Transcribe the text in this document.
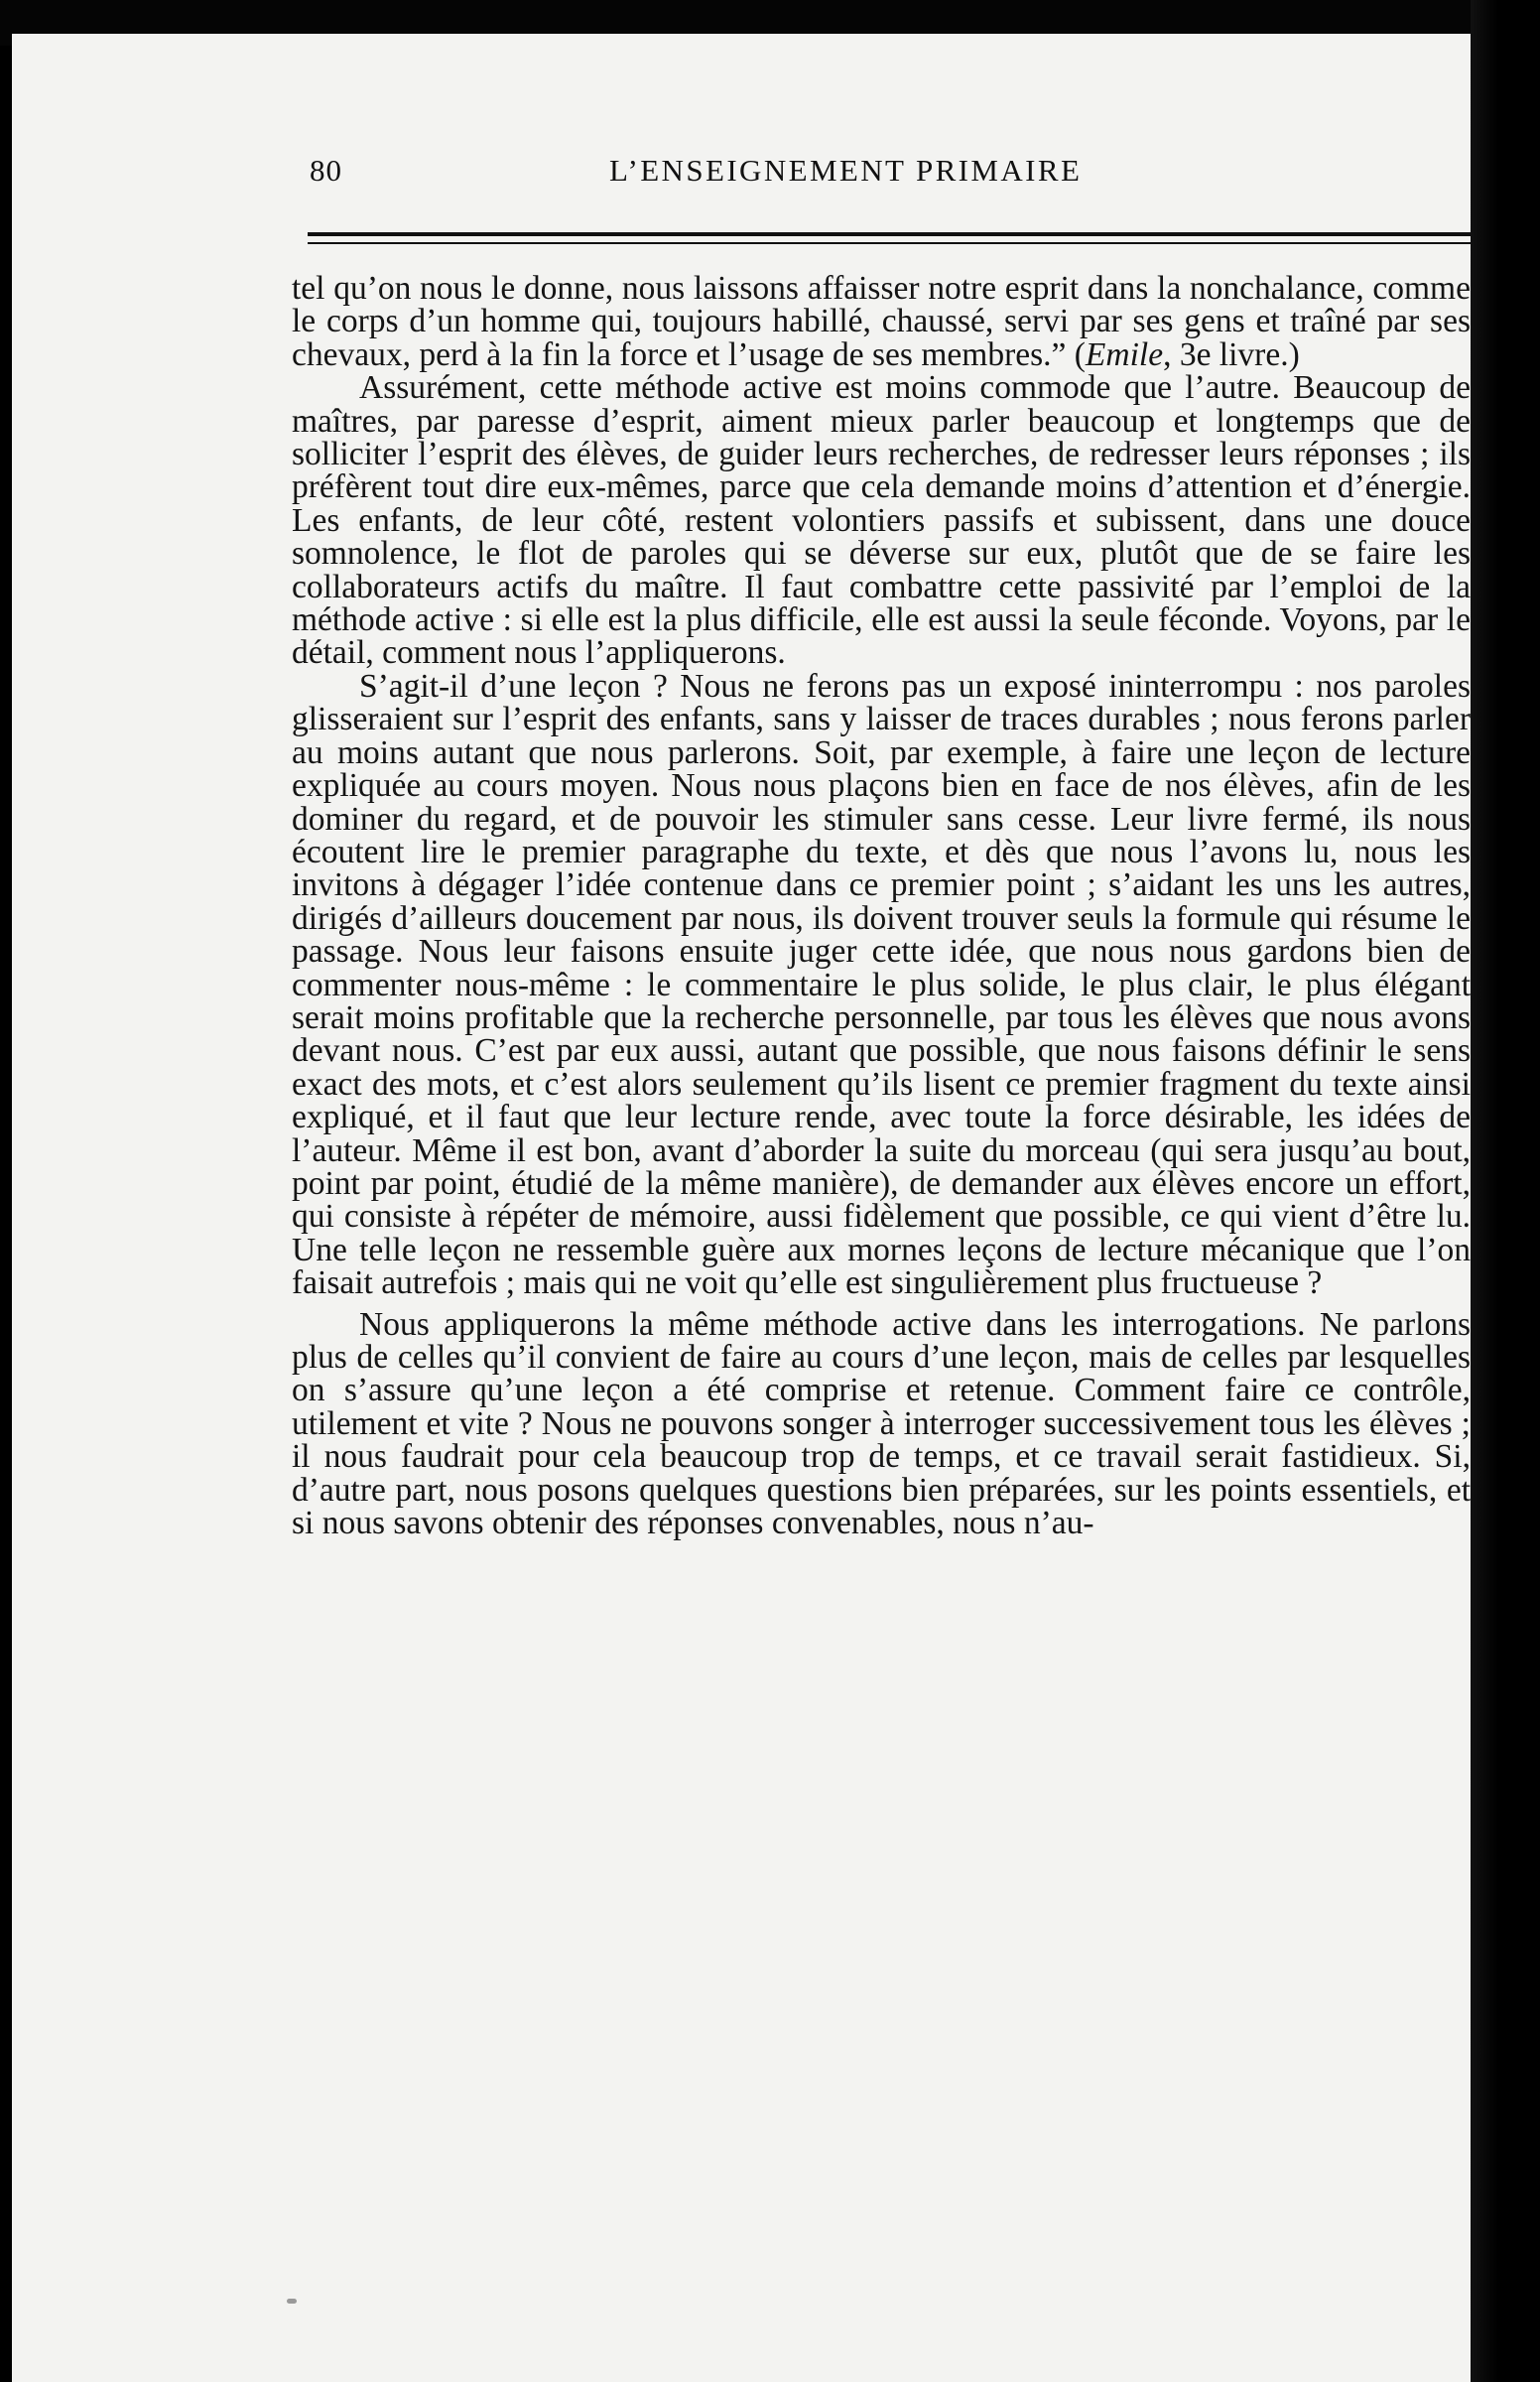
80	L’ENSEIGNEMENT PRIMAIRE

tel qu’on nous le donne, nous laissons affaisser notre esprit dans la nonchalance, comme le corps d’un homme qui, toujours habillé, chaussé, servi par ses gens et traîné par ses chevaux, perd à la fin la force et l’usage de ses membres.” (Emile, 3e livre.)

Assurément, cette méthode active est moins commode que l’autre. Beaucoup de maîtres, par paresse d’esprit, aiment mieux parler beaucoup et longtemps que de solliciter l’esprit des élèves, de guider leurs recherches, de redresser leurs réponses ; ils préfèrent tout dire eux-mêmes, parce que cela demande moins d’attention et d’énergie. Les enfants, de leur côté, restent volontiers passifs et subissent, dans une douce somnolence, le flot de paroles qui se déverse sur eux, plutôt que de se faire les collaborateurs actifs du maître. Il faut combattre cette passivité par l’emploi de la méthode active : si elle est la plus difficile, elle est aussi la seule féconde. Voyons, par le détail, comment nous l’appliquerons.

S’agit-il d’une leçon ? Nous ne ferons pas un exposé ininterrompu : nos paroles glisseraient sur l’esprit des enfants, sans y laisser de traces durables ; nous ferons parler au moins autant que nous parlerons. Soit, par exemple, à faire une leçon de lecture expliquée au cours moyen. Nous nous plaçons bien en face de nos élèves, afin de les dominer du regard, et de pouvoir les stimuler sans cesse. Leur livre fermé, ils nous écoutent lire le premier paragraphe du texte, et dès que nous l’avons lu, nous les invitons à dégager l’idée contenue dans ce premier point ; s’aidant les uns les autres, dirigés d’ailleurs doucement par nous, ils doivent trouver seuls la formule qui résume le passage. Nous leur faisons ensuite juger cette idée, que nous nous gardons bien de commenter nous-même : le commentaire le plus solide, le plus clair, le plus élégant serait moins profitable que la recherche personnelle, par tous les élèves que nous avons devant nous. C’est par eux aussi, autant que possible, que nous faisons définir le sens exact des mots, et c’est alors seulement qu’ils lisent ce premier fragment du texte ainsi expliqué, et il faut que leur lecture rende, avec toute la force désirable, les idées de l’auteur. Même il est bon, avant d’aborder la suite du morceau (qui sera jusqu’au bout, point par point, étudié de la même manière), de demander aux élèves encore un effort, qui consiste à répéter de mémoire, aussi fidèlement que possible, ce qui vient d’être lu. Une telle leçon ne ressemble guère aux mornes leçons de lecture mécanique que l’on faisait autrefois ; mais qui ne voit qu’elle est singulièrement plus fructueuse ?

Nous appliquerons la même méthode active dans les interrogations. Ne parlons plus de celles qu’il convient de faire au cours d’une leçon, mais de celles par lesquelles on s’assure qu’une leçon a été comprise et retenue. Comment faire ce contrôle, utilement et vite ? Nous ne pouvons songer à interroger successivement tous les élèves ; il nous faudrait pour cela beaucoup trop de temps, et ce travail serait fastidieux. Si, d’autre part, nous posons quelques questions bien préparées, sur les points essentiels, et si nous savons obtenir des réponses convenables, nous n’au-
